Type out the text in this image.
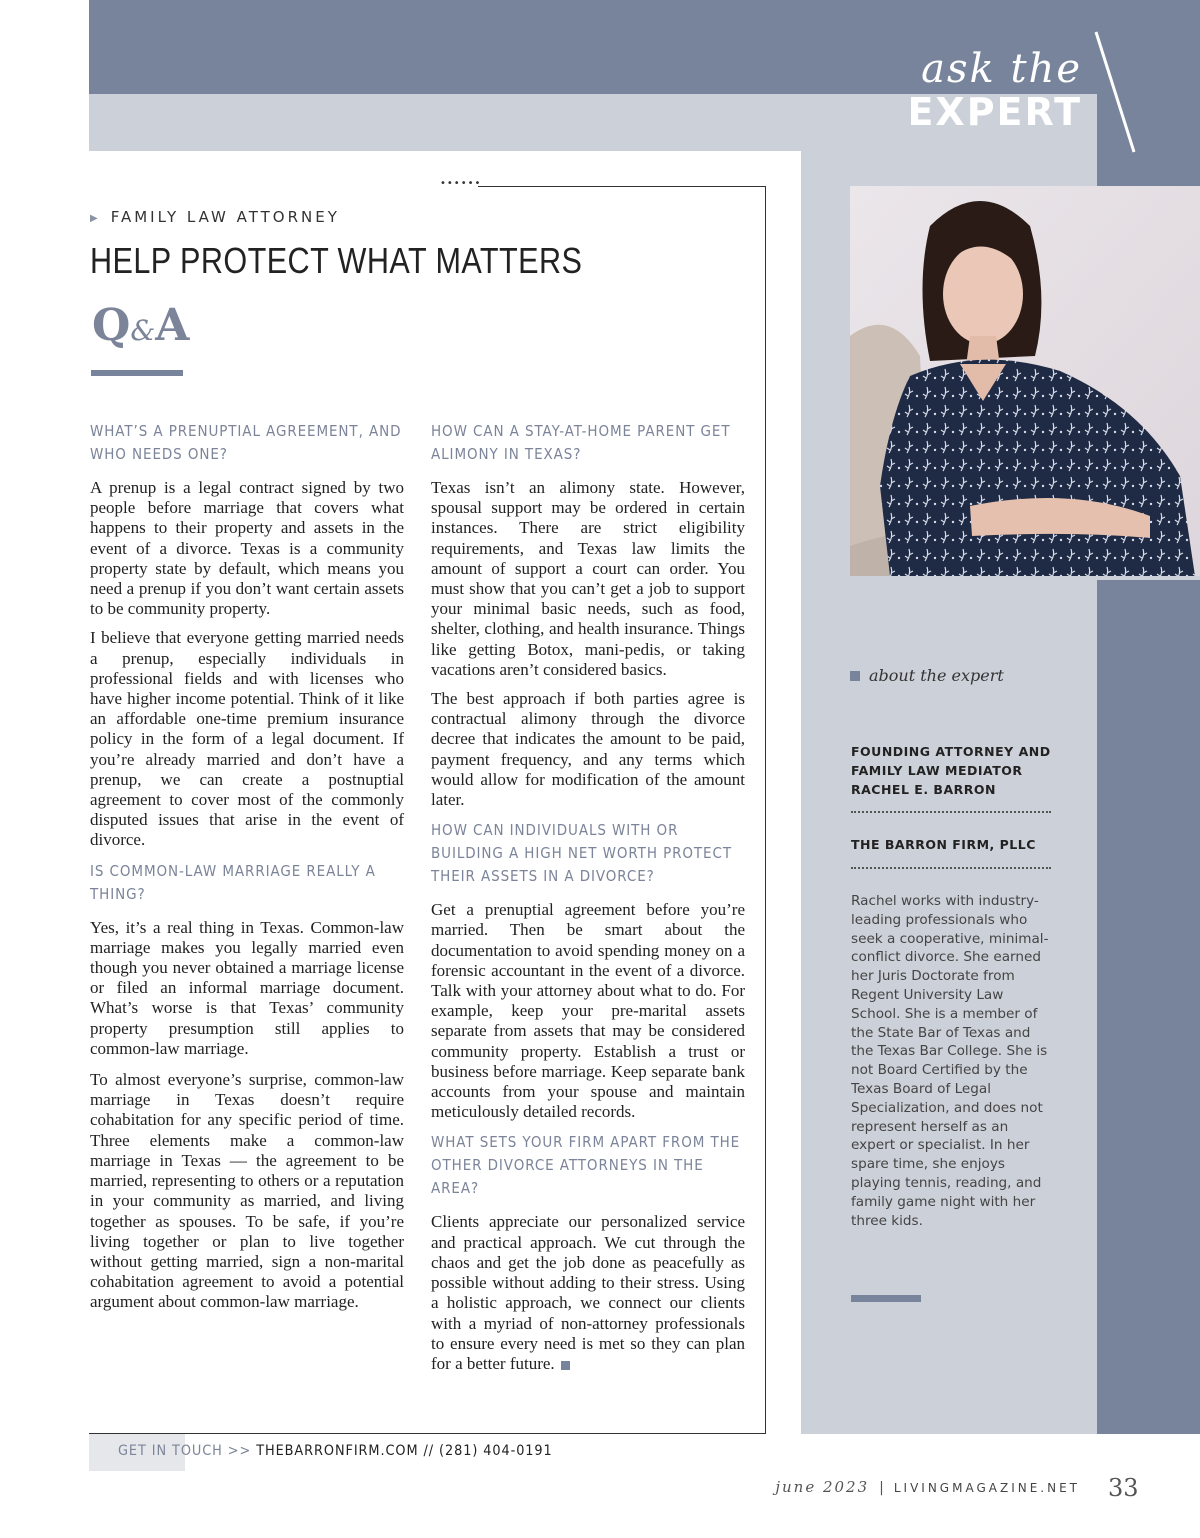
ask the
EXPERT
••••••
▶ FAMILY LAW ATTORNEY
HELP PROTECT WHAT MATTERS
Q&A
WHAT’S A PRENUPTIAL AGREEMENT, AND WHO NEEDS ONE?

A prenup is a legal contract signed by two people before marriage that covers what happens to their property and assets in the event of a divorce. Texas is a community property state by default, which means you need a prenup if you don’t want certain assets to be community property.

I believe that everyone getting married needs a prenup, especially individuals in professional fields and with licenses who have higher income potential. Think of it like an affordable one-time premium insurance policy in the form of a legal document. If you’re already married and don’t have a prenup, we can create a postnuptial agreement to cover most of the commonly disputed issues that arise in the event of divorce.

IS COMMON-LAW MARRIAGE REALLY A THING?

Yes, it’s a real thing in Texas. Common-law marriage makes you legally married even though you never obtained a marriage license or filed an informal marriage document. What’s worse is that Texas’ community property presumption still applies to common-law marriage.

To almost everyone’s surprise, common-law marriage in Texas doesn’t require cohabitation for any specific period of time. Three elements make a common-law marriage in Texas — the agreement to be married, representing to others or a reputation in your community as married, and living together as spouses. To be safe, if you’re living together or plan to live together without getting married, sign a non-marital cohabitation agreement to avoid a potential argument about common-law marriage.

HOW CAN A STAY-AT-HOME PARENT GET ALIMONY IN TEXAS?

Texas isn’t an alimony state. However, spousal support may be ordered in certain instances. There are strict eligibility requirements, and Texas law limits the amount of support a court can order. You must show that you can’t get a job to support your minimal basic needs, such as food, shelter, clothing, and health insurance. Things like getting Botox, mani-pedis, or taking vacations aren’t considered basics.

The best approach if both parties agree is contractual alimony through the divorce decree that indicates the amount to be paid, payment frequency, and any terms which would allow for modification of the amount later.

HOW CAN INDIVIDUALS WITH OR BUILDING A HIGH NET WORTH PROTECT THEIR ASSETS IN A DIVORCE?

Get a prenuptial agreement before you’re married. Then be smart about the documentation to avoid spending money on a forensic accountant in the event of a divorce. Talk with your attorney about what to do. For example, keep your pre-marital assets separate from assets that may be considered community property. Establish a trust or business before marriage. Keep separate bank accounts from your spouse and maintain meticulously detailed records.

WHAT SETS YOUR FIRM APART FROM THE OTHER DIVORCE ATTORNEYS IN THE AREA?

Clients appreciate our personalized service and practical approach. We cut through the chaos and get the job done as peacefully as possible without adding to their stress. Using a holistic approach, we connect our clients with a myriad of non-attorney professionals to ensure every need is met so they can plan for a better future.

about the expert
FOUNDING ATTORNEY AND
FAMILY LAW MEDIATOR
RACHEL E. BARRON
THE BARRON FIRM, PLLC
Rachel works with industry-leading professionals who seek a cooperative, minimal-conflict divorce. She earned her Juris Doctorate from Regent University Law School. She is a member of the State Bar of Texas and the Texas Bar College. She is not Board Certified by the Texas Board of Legal Specialization, and does not represent herself as an expert or specialist. In her spare time, she enjoys playing tennis, reading, and family game night with her three kids.
GET IN TOUCH >> THEBARRONFIRM.COM // (281) 404-0191
june 2023 | LIVINGMAGAZINE.NET 33
